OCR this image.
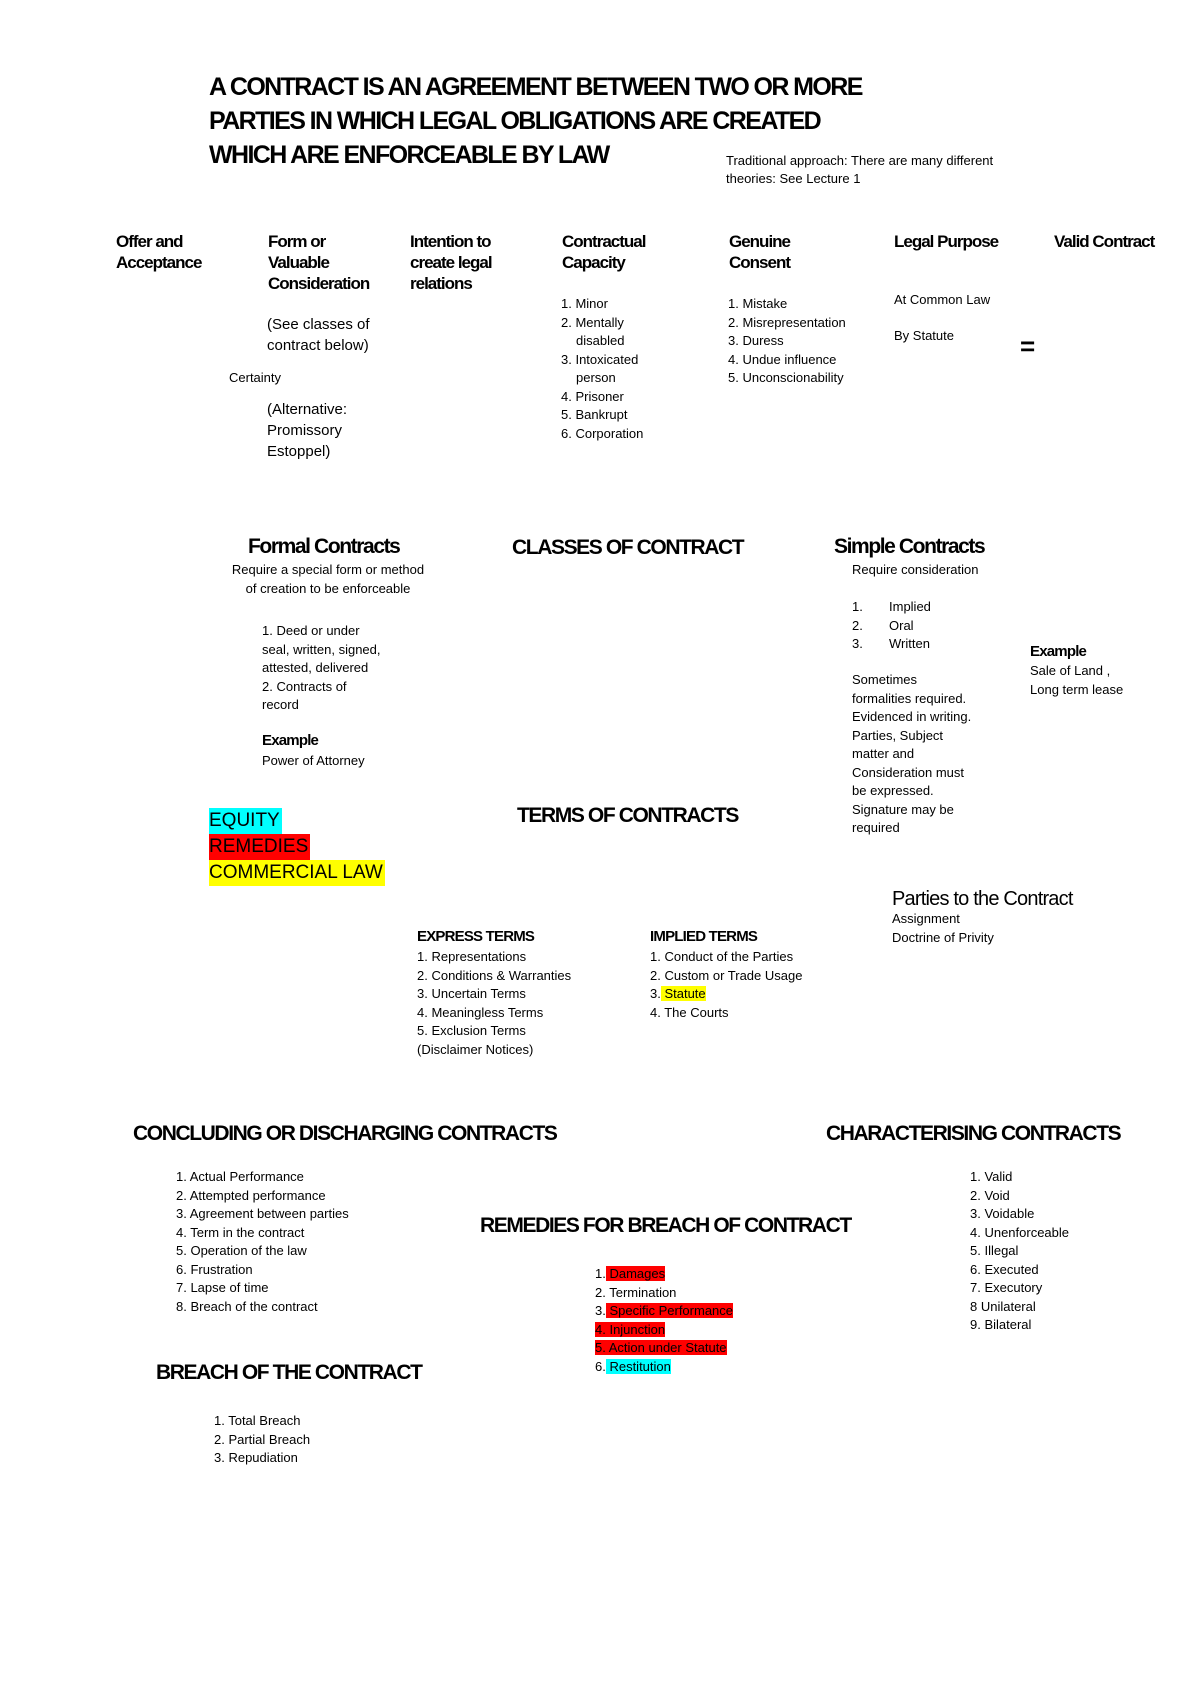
A CONTRACT IS AN AGREEMENT BETWEEN TWO OR MORE
PARTIES IN WHICH LEGAL OBLIGATIONS ARE CREATED
WHICH ARE ENFORCEABLE BY LAW	Traditional approach: There are many different
theories: See Lecture 1
Offer and
Acceptance
Form or
Valuable
Consideration
(See classes of
contract below)
Certainty
(Alternative:
Promissory
Estoppel)
Intention to
create legal
relations
Contractual
Capacity
1. Minor
2. Mentally
disabled
3. Intoxicated
person
4. Prisoner
5. Bankrupt
6. Corporation
Genuine
Consent
1. Mistake
2. Misrepresentation
3. Duress
4. Undue influence
5. Unconscionability
Legal Purpose
At Common Law
By Statute	=
Valid Contract
CLASSES OF CONTRACT
Formal Contracts
Require a special form or method
of creation to be enforceable
1. Deed or under
seal, written, signed,
attested, delivered
2. Contracts of
record
Example
Power of Attorney
Simple Contracts
Require consideration
1. Implied
2. Oral
3. Written
Sometimes
formalities required.
Evidenced in writing.
Parties, Subject
matter and
Consideration must
be expressed.
Signature may be
required
Example
Sale of Land ,
Long term lease
EQUITY
REMEDIES
COMMERCIAL LAW
TERMS OF CONTRACTS
EXPRESS TERMS
1. Representations
2. Conditions & Warranties
3. Uncertain Terms
4. Meaningless Terms
5. Exclusion Terms
(Disclaimer Notices)
IMPLIED TERMS
1. Conduct of the Parties
2. Custom or Trade Usage
3. Statute
4. The Courts
Parties to the Contract
Assignment
Doctrine of Privity
CONCLUDING OR DISCHARGING CONTRACTS
1. Actual Performance
2. Attempted performance
3. Agreement between parties
4. Term in the contract
5. Operation of the law
6. Frustration
7. Lapse of time
8. Breach of the contract
CHARACTERISING CONTRACTS
1. Valid
2. Void
3. Voidable
4. Unenforceable
5. Illegal
6. Executed
7. Executory
8 Unilateral
9. Bilateral
REMEDIES FOR BREACH OF CONTRACT
1. Damages
2. Termination
3. Specific Performance
4. Injunction
5. Action under Statute
6. Restitution
BREACH OF THE CONTRACT
1. Total Breach
2. Partial Breach
3. Repudiation
